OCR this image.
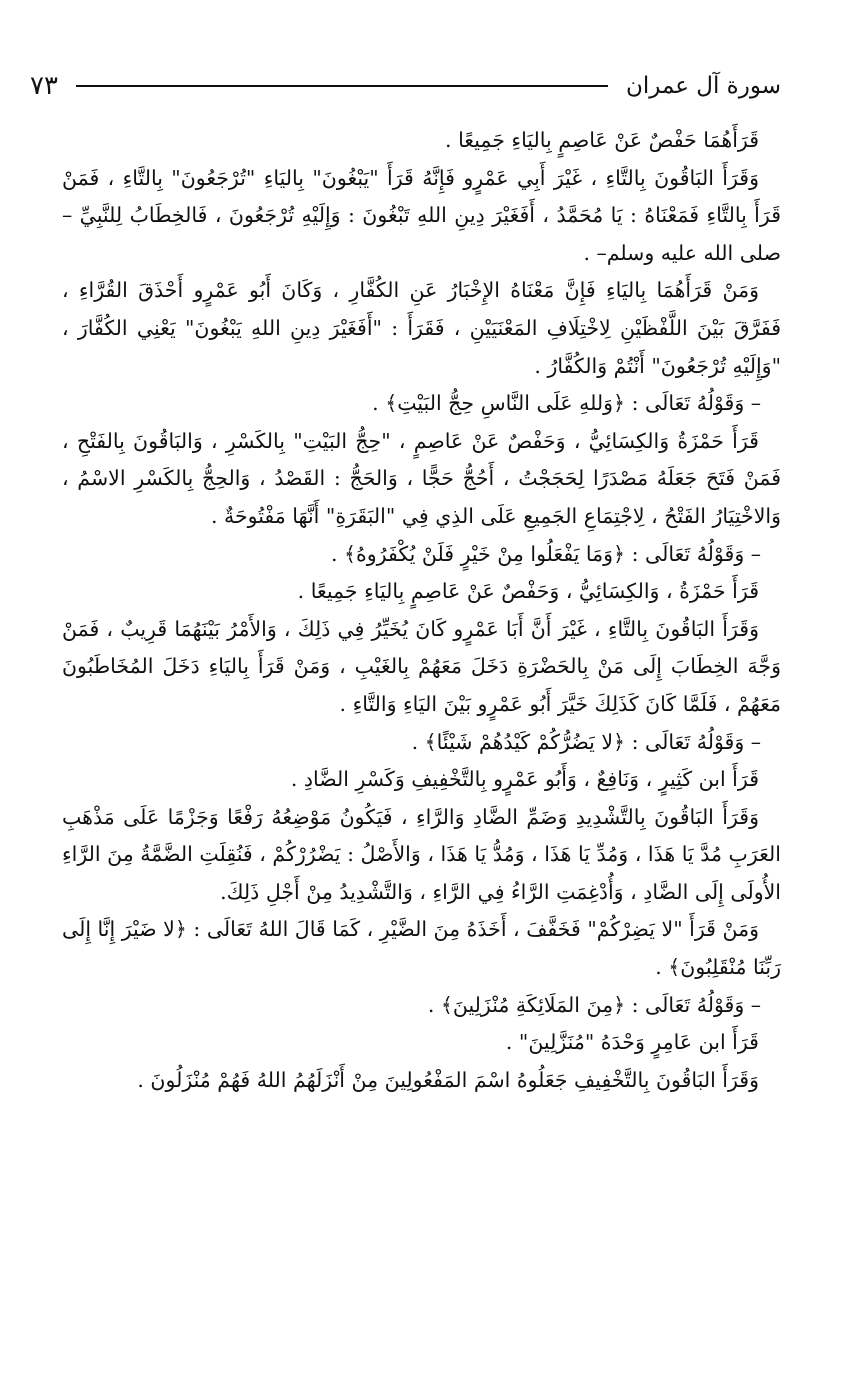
سورة آل عمران
٧٣

قَرَأَهُمَا حَفْصٌ عَنْ عَاصِمٍ بِاليَاءِ جَمِيعًا .

وَقَرَأَ البَاقُونَ بِالتَّاءِ ، غَيْرَ أَبِي عَمْرٍو فَإِنَّهُ قَرَأَ "يَبْغُونَ" بِاليَاءِ "تُرْجَعُونَ" بِالتَّاءِ ، فَمَنْ قَرَأَ بِالتَّاءِ فَمَعْنَاهُ : يَا مُحَمَّدُ ، أَفَغَيْرَ دِينِ اللهِ تَبْغُونَ : وَإِلَيْهِ تُرْجَعُونَ ، فَالخِطَابُ لِلنَّبِيِّ – صلى الله عليه وسلم– .

وَمَنْ قَرَأَهُمَا بِاليَاءِ فَإِنَّ مَعْنَاهُ الإِخْبَارُ عَنِ الكُفَّارِ ، وَكَانَ أَبُو عَمْرٍو أَحْذَقَ القُرَّاءِ ، فَفَرَّقَ بَيْنَ اللَّفْظَيْنِ لِاخْتِلَافِ المَعْنَيَيْنِ ، فَقَرَأَ : "أَفَغَيْرَ دِينِ اللهِ يَبْغُونَ" يَعْنِي الكُفَّارَ ، "وَإِلَيْهِ تُرْجَعُونَ" أَنْتُمْ وَالكُفَّارُ .

– وَقَوْلُهُ تَعَالَى : ﴿وَللهِ عَلَى النَّاسِ حِجُّ البَيْتِ﴾ .

قَرَأَ حَمْزَةُ وَالكِسَائِيُّ ، وَحَفْصٌ عَنْ عَاصِمٍ ، "حِجُّ البَيْتِ" بِالكَسْرِ ، وَالبَاقُونَ بِالفَتْحِ ، فَمَنْ فَتَحَ جَعَلَهُ مَصْدَرًا لِحَجَجْتُ ، أَحُجُّ حَجًّا ، وَالحَجُّ : القَصْدُ ، وَالحِجُّ بِالكَسْرِ الاسْمُ ، وَالاخْتِيَارُ الفَتْحُ ، لِاجْتِمَاعِ الجَمِيعِ عَلَى الذِي فِي "البَقَرَةِ" أَنَّهَا مَفْتُوحَةٌ .

– وَقَوْلُهُ تَعَالَى : ﴿وَمَا يَفْعَلُوا مِنْ خَيْرٍ فَلَنْ يُكْفَرُوهُ﴾ .

قَرَأَ حَمْزَةُ ، وَالكِسَائِيُّ ، وَحَفْصٌ عَنْ عَاصِمٍ بِاليَاءِ جَمِيعًا .

وَقَرَأَ البَاقُونَ بِالتَّاءِ ، غَيْرَ أَنَّ أَبَا عَمْرٍو كَانَ يُخَيِّرُ فِي ذَلِكَ ، وَالأَمْرُ بَيْنَهُمَا قَرِيبٌ ، فَمَنْ وَجَّهَ الخِطَابَ إِلَى مَنْ بِالحَضْرَةِ دَخَلَ مَعَهُمْ بِالغَيْبِ ، وَمَنْ قَرَأَ بِاليَاءِ دَخَلَ المُخَاطَبُونَ مَعَهُمْ ، فَلَمَّا كَانَ كَذَلِكَ خَيَّرَ أَبُو عَمْرٍو بَيْنَ اليَاءِ وَالتَّاءِ .

– وَقَوْلُهُ تَعَالَى : ﴿لا يَضُرُّكُمْ كَيْدُهُمْ شَيْئًا﴾ .

قَرَأَ ابن كَثِيرٍ ، وَنَافِعٌ ، وَأَبُو عَمْرٍو بِالتَّخْفِيفِ وَكَسْرِ الضَّادِ .

وَقَرَأَ البَاقُونَ بِالتَّشْدِيدِ وَضَمِّ الضَّادِ وَالرَّاءِ ، فَيَكُونُ مَوْضِعُهُ رَفْعًا وَجَزْمًا عَلَى مَذْهَبِ العَرَبِ مُدَّ يَا هَذَا ، وَمُدِّ يَا هَذَا ، وَمُدُّ يَا هَذَا ، وَالأَصْلُ : يَضْرُرْكُمْ ، فَنُقِلَتِ الضَّمَّةُ مِنَ الرَّاءِ الأُولَى إِلَى الضَّادِ ، وَأُدْغِمَتِ الرَّاءُ فِي الرَّاءِ ، وَالتَّشْدِيدُ مِنْ أَجْلِ ذَلِكَ.

وَمَنْ قَرَأَ "لا يَضِرْكُمْ" فَخَفَّفَ ، أَخَذَهُ مِنَ الضَّيْرِ ، كَمَا قَالَ اللهُ تَعَالَى : ﴿لا ضَيْرَ إِنَّا إِلَى رَبِّنَا مُنْقَلِبُونَ﴾ .

– وَقَوْلُهُ تَعَالَى : ﴿مِنَ المَلَائِكَةِ مُنْزَلِينَ﴾ .

قَرَأَ ابن عَامِرٍ وَحْدَهُ "مُنَزَّلِينَ" .

وَقَرَأَ البَاقُونَ بِالتَّخْفِيفِ جَعَلُوهُ اسْمَ المَفْعُولِينَ مِنْ أَنْزَلَهُمُ اللهُ فَهُمْ مُنْزَلُونَ .
